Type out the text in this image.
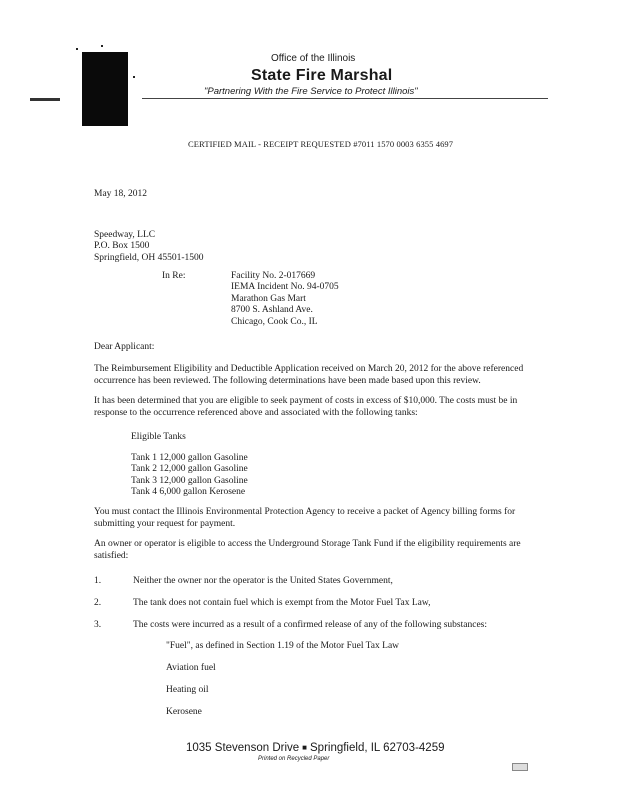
Office of the Illinois
State Fire Marshal
"Partnering With the Fire Service to Protect Illinois"
CERTIFIED MAIL - RECEIPT REQUESTED #7011 1570 0003 6355 4697
May 18, 2012
Speedway, LLC
P.O. Box 1500
Springfield, OH 45501-1500
In Re:	Facility No. 2-017669
IEMA Incident No. 94-0705
Marathon Gas Mart
8700 S. Ashland Ave.
Chicago, Cook Co., IL
Dear Applicant:
The Reimbursement Eligibility and Deductible Application received on March 20, 2012 for the above referenced occurrence has been reviewed. The following determinations have been made based upon this review.
It has been determined that you are eligible to seek payment of costs in excess of $10,000. The costs must be in response to the occurrence referenced above and associated with the following tanks:
Eligible Tanks
Tank 1 12,000 gallon Gasoline
Tank 2 12,000 gallon Gasoline
Tank 3 12,000 gallon Gasoline
Tank 4 6,000 gallon Kerosene
You must contact the Illinois Environmental Protection Agency to receive a packet of Agency billing forms for submitting your request for payment.
An owner or operator is eligible to access the Underground Storage Tank Fund if the eligibility requirements are satisfied:
1.	Neither the owner nor the operator is the United States Government,
2.	The tank does not contain fuel which is exempt from the Motor Fuel Tax Law,
3.	The costs were incurred as a result of a confirmed release of any of the following substances:
"Fuel", as defined in Section 1.19 of the Motor Fuel Tax Law
Aviation fuel
Heating oil
Kerosene
1035 Stevenson Drive ■ Springfield, IL 62703-4259
Printed on Recycled Paper
